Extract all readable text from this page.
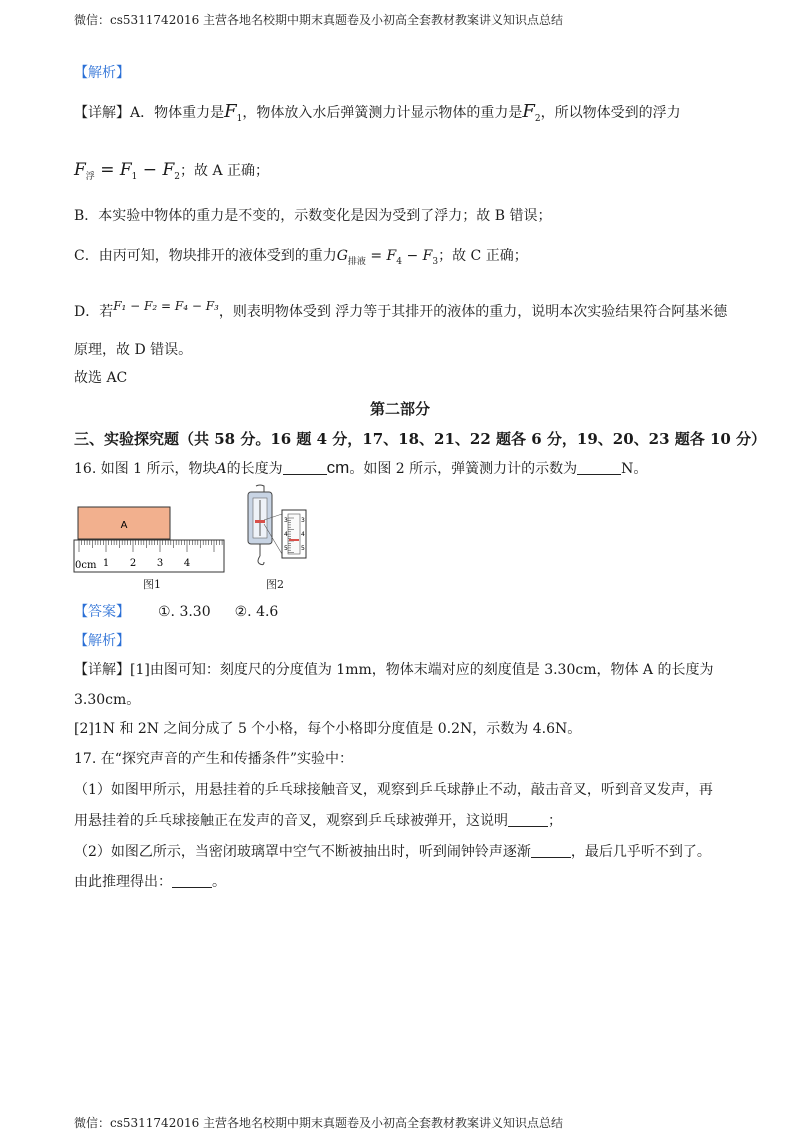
微信：cs5311742016 主营各地名校期中期末真题卷及小初高全套教材教案讲义知识点总结
【解析】
【详解】A．物体重力是$F_1$，物体放入水后弹簧测力计显示物体的重力是$F_2$，所以物体受到的浮力
$F_浮 = F_1 - F_2$；故 A 正确；
B．本实验中物体的重力是不变的，示数变化是因为受到了浮力；故 B 错误；
C．由丙可知，物块排开的液体受到的重力$G_{排液} = F_4 - F_3$；故 C 正确；
D．若F₁ − F₂ = F₄ − F₃，则表明物体受到 浮力等于其排开的液体的重力，说明本次实验结果符合阿基米德
原理，故 D 错误。
故选 AC
第二部分
三、实验探究题（共 58 分。16 题 4 分，17、18、21、22 题各 6 分，19、20、23 题各 10 分）
16. 如图 1 所示，物块A的长度为	cm。如图 2 所示，弹簧测力计的示数为	N。
A
0cm 1 2 3 4
图1
3
4
5
3
4
5
图2
【答案】 ①. 3.30 ②. 4.6
【解析】
【详解】[1]由图可知：刻度尺的分度值为 1mm，物体末端对应的刻度值是 3.30cm，物体 A 的长度为
3.30cm。
[2]1N 和 2N 之间分成了 5 个小格，每个小格即分度值是 0.2N，示数为 4.6N。
17. 在“探究声音的产生和传播条件”实验中：
（1）如图甲所示，用悬挂着的乒乓球接触音叉，观察到乒乓球静止不动，敲击音叉，听到音叉发声，再
用悬挂着的乒乓球接触正在发声的音叉，观察到乒乓球被弹开，这说明	；
（2）如图乙所示，当密闭玻璃罩中空气不断被抽出时，听到闹钟铃声逐渐	，最后几乎听不到了。
由此推理得出：	。
微信：cs5311742016 主营各地名校期中期末真题卷及小初高全套教材教案讲义知识点总结
